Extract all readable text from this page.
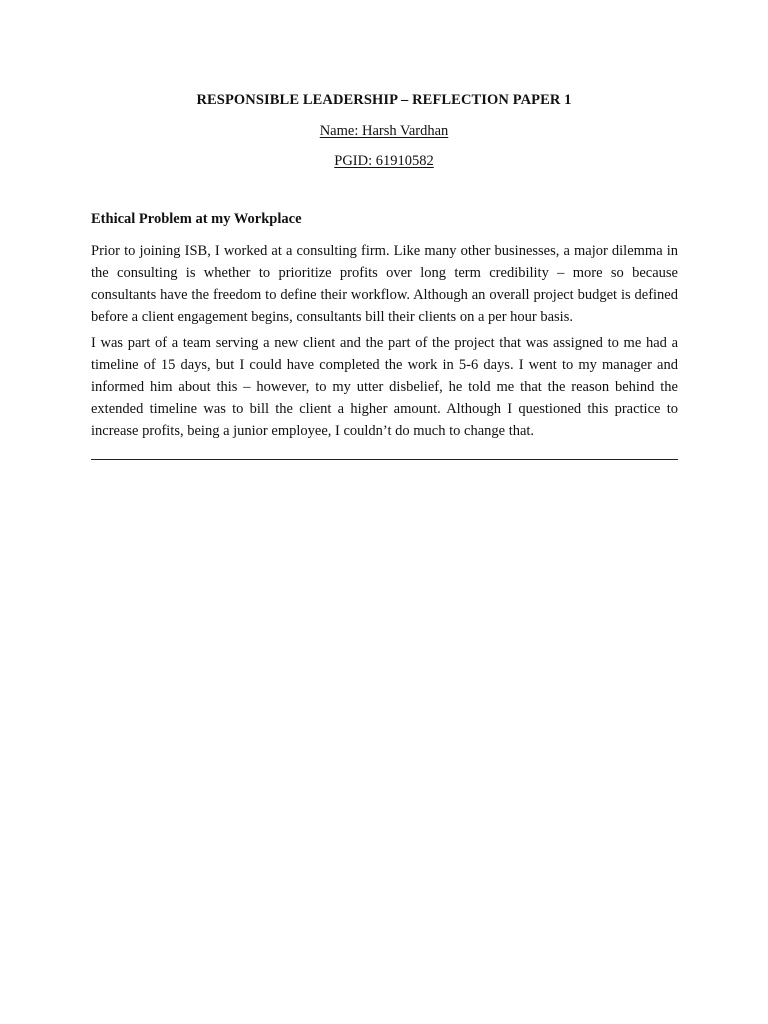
RESPONSIBLE LEADERSHIP – REFLECTION PAPER 1
Name: Harsh Vardhan
PGID: 61910582
Ethical Problem at my Workplace

Prior to joining ISB, I worked at a consulting firm. Like many other businesses, a major dilemma in the consulting is whether to prioritize profits over long term credibility – more so because consultants have the freedom to define their workflow. Although an overall project budget is defined before a client engagement begins, consultants bill their clients on a per hour basis.

I was part of a team serving a new client and the part of the project that was assigned to me had a timeline of 15 days, but I could have completed the work in 5-6 days. I went to my manager and informed him about this – however, to my utter disbelief, he told me that the reason behind the extended timeline was to bill the client a higher amount. Although I questioned this practice to increase profits, being a junior employee, I couldn’t do much to change that.
